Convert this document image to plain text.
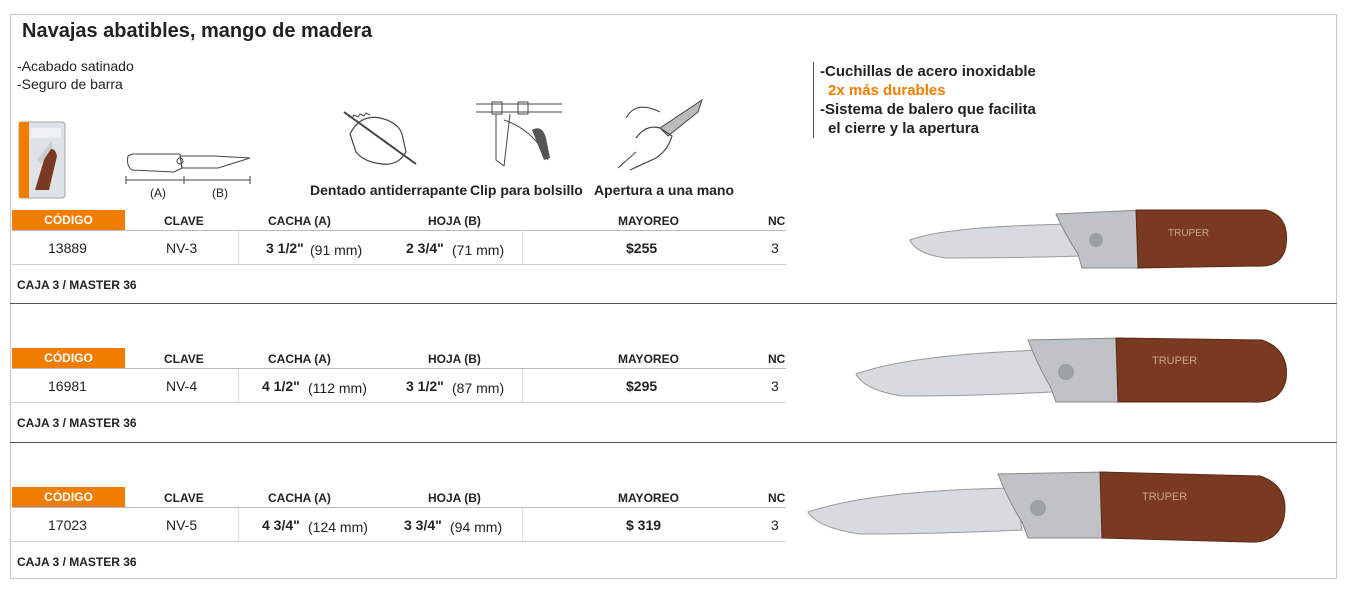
Navajas abatibles, mango de madera
-Acabado satinado
-Seguro de barra
-Cuchillas de acero inoxidable
2x más durables
-Sistema de balero que facilita
el cierre y la apertura
(A)	(B)	Dentado antiderrapante Clip para bolsillo Apertura a una mano
CÓDIGO	CLAVE	CACHA (A)	HOJA (B)	MAYOREO	NC
13889	NV-3	3 1/2" (91 mm)	2 3/4" (71 mm)	$255	3
CAJA 3 / MASTER 36
CÓDIGO	CLAVE	CACHA (A)	HOJA (B)	MAYOREO	NC
16981	NV-4	4 1/2" (112 mm)	3 1/2" (87 mm)	$295	3
CAJA 3 / MASTER 36
CÓDIGO	CLAVE	CACHA (A)	HOJA (B)	MAYOREO	NC
17023	NV-5	4 3/4" (124 mm)	3 3/4" (94 mm)	$ 319	3
CAJA 3 / MASTER 36
TRUPER
TRUPER
TRUPER
